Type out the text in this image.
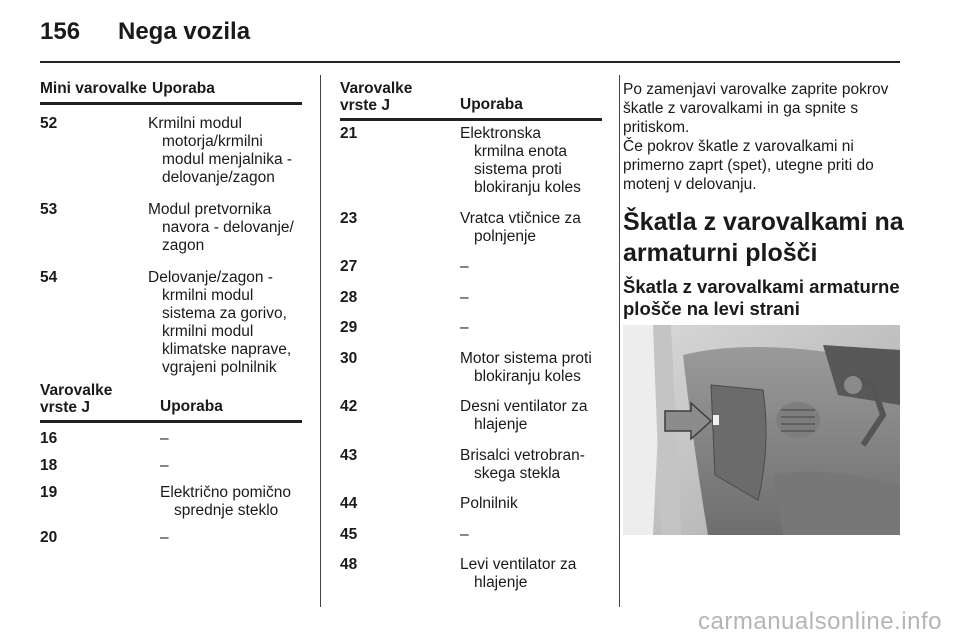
156 Nega vozila
Mini varovalke Uporaba
52	Krmilni modul
motorja/krmilni
modul menjalnika -
delovanje/zagon
53	Modul pretvornika
navora - delovanje/
zagon
54	Delovanje/zagon -
krmilni modul
sistema za gorivo,
krmilni modul
klimatske naprave,
vgrajeni polnilnik
Varovalke
vrste J	Uporaba
16	–
18	–
19	Električno pomično
sprednje steklo
20	–
Varovalke
vrste J	Uporaba
21	Elektronska
krmilna enota
sistema proti
blokiranju koles
23	Vratca vtičnice za
polnjenje
27	–
28	–
29	–
30	Motor sistema proti
blokiranju koles
42	Desni ventilator za
hlajenje
43	Brisalci vetrobran-
skega stekla
44	Polnilnik
45	–
48	Levi ventilator za
hlajenje
Po zamenjavi varovalke zaprite pokrov škatle z varovalkami in ga spnite s pritiskom.
Če pokrov škatle z varovalkami ni primerno zaprt (spet), utegne priti do motenj v delovanju.
Škatla z varovalkami na armaturni plošči
Škatla z varovalkami armaturne plošče na levi strani
carmanualsonline.info
